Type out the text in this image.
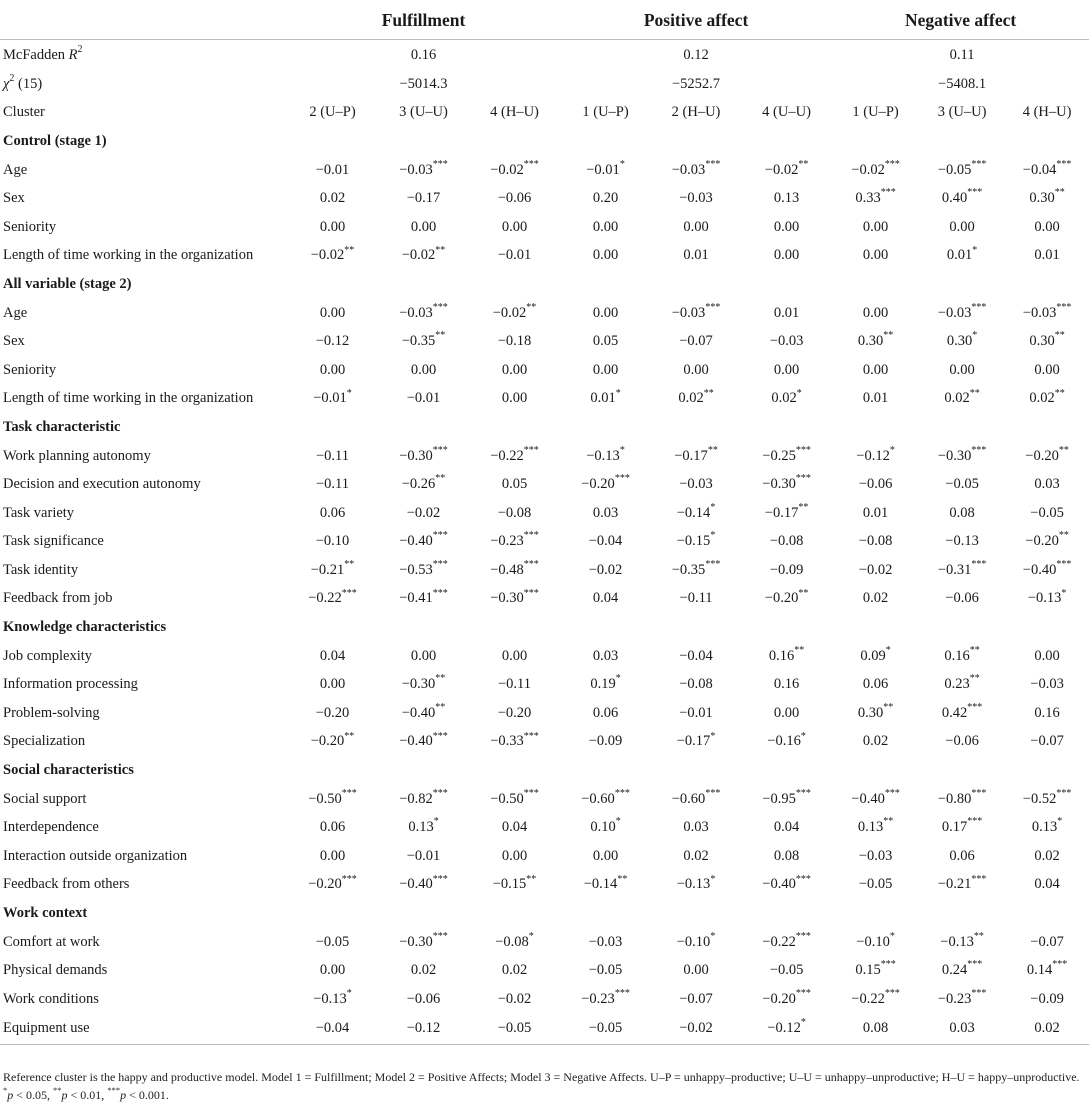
	Fulfillment			Positive affect			Negative affect		
McFadden $R^2$		0.16			0.12			0.11	
$\chi^2$ (15)		−5014.3			−5252.7			−5408.1	
Cluster	2 (U–P)	3 (U–U)	4 (H–U)	1 (U–P)	2 (H–U)	4 (U–U)	1 (U–P)	3 (U–U)	4 (H–U)
Control (stage 1)									
Age	−0.01	−0.03***	−0.02***	−0.01*	−0.03***	−0.02**	−0.02***	−0.05***	−0.04***
Sex	0.02	−0.17	−0.06	0.20	−0.03	0.13	0.33***	0.40***	0.30**
Seniority	0.00	0.00	0.00	0.00	0.00	0.00	0.00	0.00	0.00
Length of time working in the organization	−0.02**	−0.02**	−0.01	0.00	0.01	0.00	0.00	0.01*	0.01
All variable (stage 2)									
Age	0.00	−0.03***	−0.02**	0.00	−0.03***	0.01	0.00	−0.03***	−0.03***
Sex	−0.12	−0.35**	−0.18	0.05	−0.07	−0.03	0.30**	0.30*	0.30**
Seniority	0.00	0.00	0.00	0.00	0.00	0.00	0.00	0.00	0.00
Length of time working in the organization	−0.01*	−0.01	0.00	0.01*	0.02**	0.02*	0.01	0.02**	0.02**
Task characteristic									
Work planning autonomy	−0.11	−0.30***	−0.22***	−0.13*	−0.17**	−0.25***	−0.12*	−0.30***	−0.20**
Decision and execution autonomy	−0.11	−0.26**	0.05	−0.20***	−0.03	−0.30***	−0.06	−0.05	0.03
Task variety	0.06	−0.02	−0.08	0.03	−0.14*	−0.17**	0.01	0.08	−0.05
Task significance	−0.10	−0.40***	−0.23***	−0.04	−0.15*	−0.08	−0.08	−0.13	−0.20**
Task identity	−0.21**	−0.53***	−0.48***	−0.02	−0.35***	−0.09	−0.02	−0.31***	−0.40***
Feedback from job	−0.22***	−0.41***	−0.30***	0.04	−0.11	−0.20**	0.02	−0.06	−0.13*
Knowledge characteristics									
Job complexity	0.04	0.00	0.00	0.03	−0.04	0.16**	0.09*	0.16**	0.00
Information processing	0.00	−0.30**	−0.11	0.19*	−0.08	0.16	0.06	0.23**	−0.03
Problem-solving	−0.20	−0.40**	−0.20	0.06	−0.01	0.00	0.30**	0.42***	0.16
Specialization	−0.20**	−0.40***	−0.33***	−0.09	−0.17*	−0.16*	0.02	−0.06	−0.07
Social characteristics									
Social support	−0.50***	−0.82***	−0.50***	−0.60***	−0.60***	−0.95***	−0.40***	−0.80***	−0.52***
Interdependence	0.06	0.13*	0.04	0.10*	0.03	0.04	0.13**	0.17***	0.13*
Interaction outside organization	0.00	−0.01	0.00	0.00	0.02	0.08	−0.03	0.06	0.02
Feedback from others	−0.20***	−0.40***	−0.15**	−0.14**	−0.13*	−0.40***	−0.05	−0.21***	0.04
Work context									
Comfort at work	−0.05	−0.30***	−0.08*	−0.03	−0.10*	−0.22***	−0.10*	−0.13**	−0.07
Physical demands	0.00	0.02	0.02	−0.05	0.00	−0.05	0.15***	0.24***	0.14***
Work conditions	−0.13*	−0.06	−0.02	−0.23***	−0.07	−0.20***	−0.22***	−0.23***	−0.09
Equipment use	−0.04	−0.12	−0.05	−0.05	−0.02	−0.12*	0.08	0.03	0.02
Reference cluster is the happy and productive model. Model 1 = Fulfillment; Model 2 = Positive Affects; Model 3 = Negative Affects. U–P = unhappy–productive; U–U = unhappy–unproductive; H–U = happy–unproductive. *p < 0.05, **p < 0.01, ***p < 0.001.
